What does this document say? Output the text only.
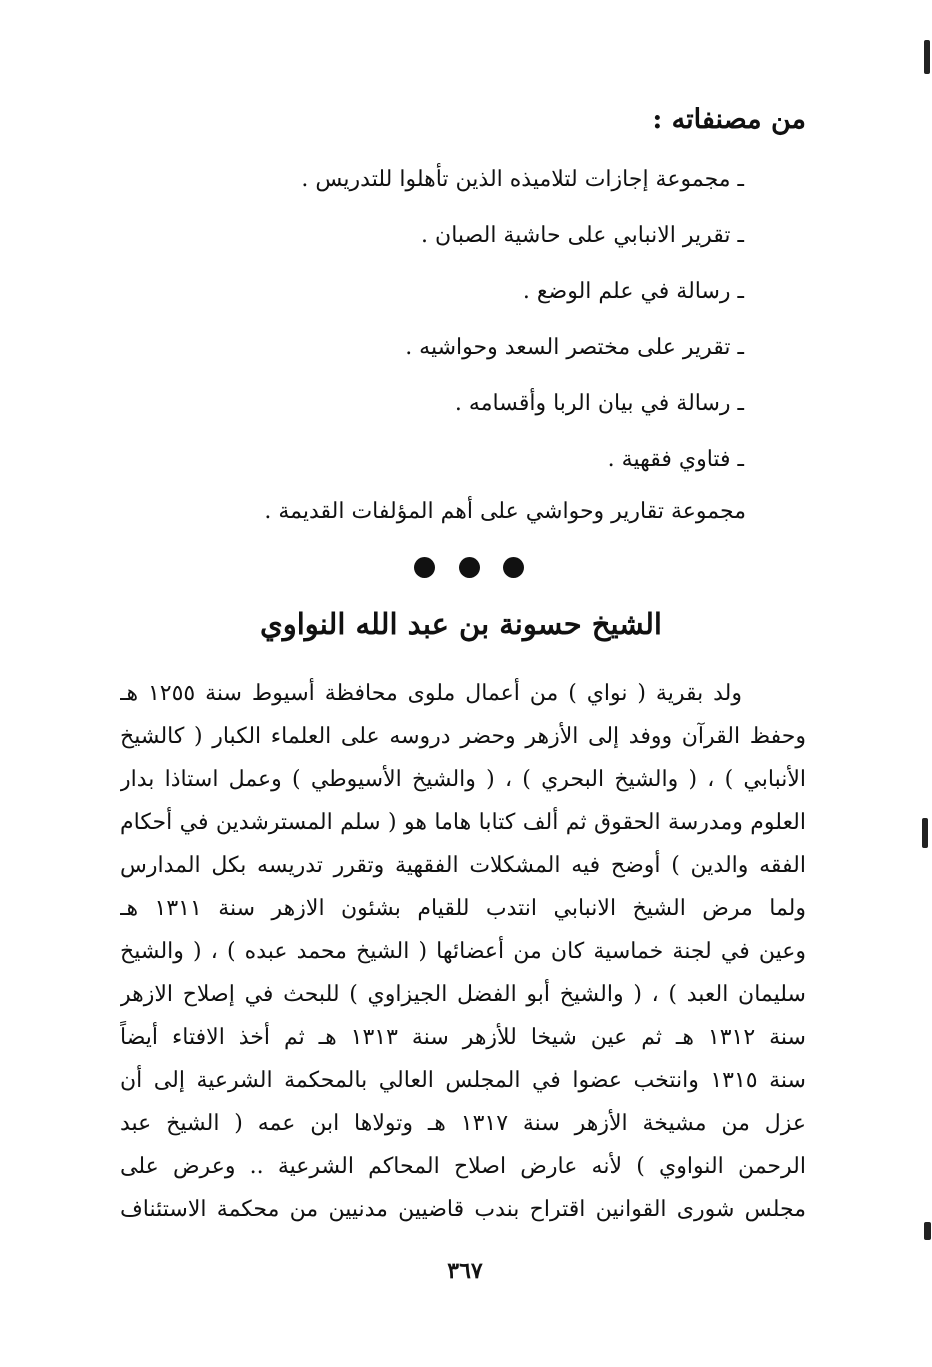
من مصنفاته :
ـ مجموعة إجازات لتلاميذه الذين تأهلوا للتدريس .
ـ تقرير الانبابي على حاشية الصبان .
ـ رسالة في علم الوضع .
ـ تقرير على مختصر السعد وحواشيه .
ـ رسالة في بيان الربا وأقسامه .
ـ فتاوي فقهية .
مجموعة تقارير وحواشي على أهم المؤلفات القديمة .
الشيخ حسونة بن عبد الله النواوي
ولد بقرية ( نواي ) من أعمال ملوى محافظة أسيوط سنة ١٢٥٥ هـ
وحفظ القرآن ووفد إلى الأزهر وحضر دروسه على العلماء الكبار ( كالشيخ
الأنبابي ) ، ( والشيخ البحري ) ، ( والشيخ الأسيوطي ) وعمل استاذا بدار
العلوم ومدرسة الحقوق ثم ألف كتابا هاما هو ( سلم المسترشدين في أحكام
الفقه والدين ) أوضح فيه المشكلات الفقهية وتقرر تدريسه بكل المدارس
ولما مرض الشيخ الانبابي انتدب للقيام بشئون الازهر سنة ١٣١١ هـ
وعين في لجنة خماسية كان من أعضائها ( الشيخ محمد عبده ) ، ( والشيخ
سليمان العبد ) ، ( والشيخ أبو الفضل الجيزاوي ) للبحث في إصلاح الازهر
سنة ١٣١٢ هـ ثم عين شيخا للأزهر سنة ١٣١٣ هـ ثم أخذ الافتاء أيضاً
سنة ١٣١٥ وانتخب عضوا في المجلس العالي بالمحكمة الشرعية إلى أن
عزل من مشيخة الأزهر سنة ١٣١٧ هـ وتولاها ابن عمه ( الشيخ عبد
الرحمن النواوي ) لأنه عارض اصلاح المحاكم الشرعية .. وعرض على
مجلس شورى القوانين اقتراح بندب قاضيين مدنيين من محكمة الاستئناف
٣٦٧
